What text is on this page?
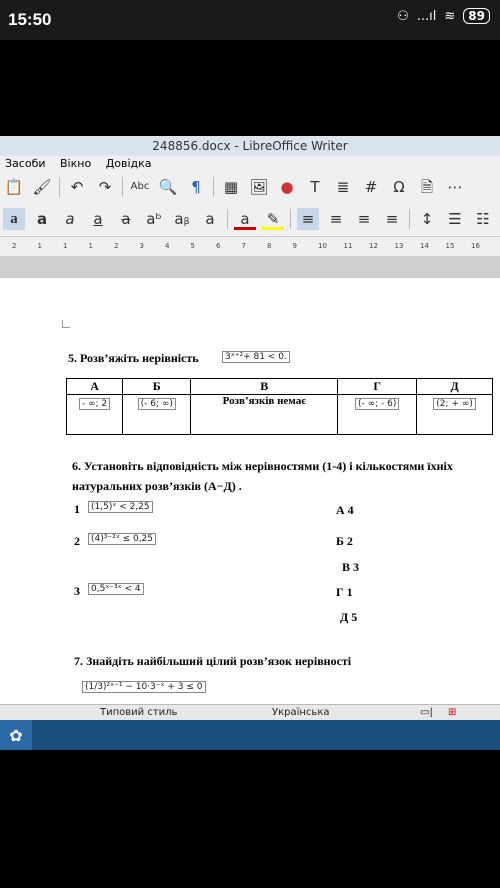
15:50	⚇ ...ıl ≋	89
248856.docx - LibreOffice Writer
Засоби Вікно Довідка
📋 🖌	↶	↷	Abc 🔍 ¶	▦ 🖼 ●	T	≣	#	Ω	🗎 ⋯
a	a	a	a	a	aᵇ aᵦ	a	a	✎	≡	≡	≡	≡	↕ ☰ ☷
2	1	1	1	2	3	4	5	6	7	8	9	10 11 12 13 14 15 16
5. Розв’яжіть нерівність	3ˣ⁺²+ 81 < 0.
А	Б	В	Г	Д
- ∞; 2	(- 6; ∞)	Розв’язків немає	(- ∞; - 6)	(2; + ∞)
6. Установіть відповідність між нерівностями (1-4) і кількостями їхніх натуральних розв’язків (А−Д) .
1	(1,5)ˣ < 2,25
2	(4)³⁻²ˣ ≤ 0,25
3	0,5ˣ⁻³ˣ < 4
А 4
Б 2
В 3
Г 1
Д 5
7. Знайдіть найбільший цілий розв’язок нерівності
(1/3)²ˣ⁻¹ − 10·3⁻ˣ + 3 ≤ 0
Типовий стиль	Українська	▭| ⊞
✿
